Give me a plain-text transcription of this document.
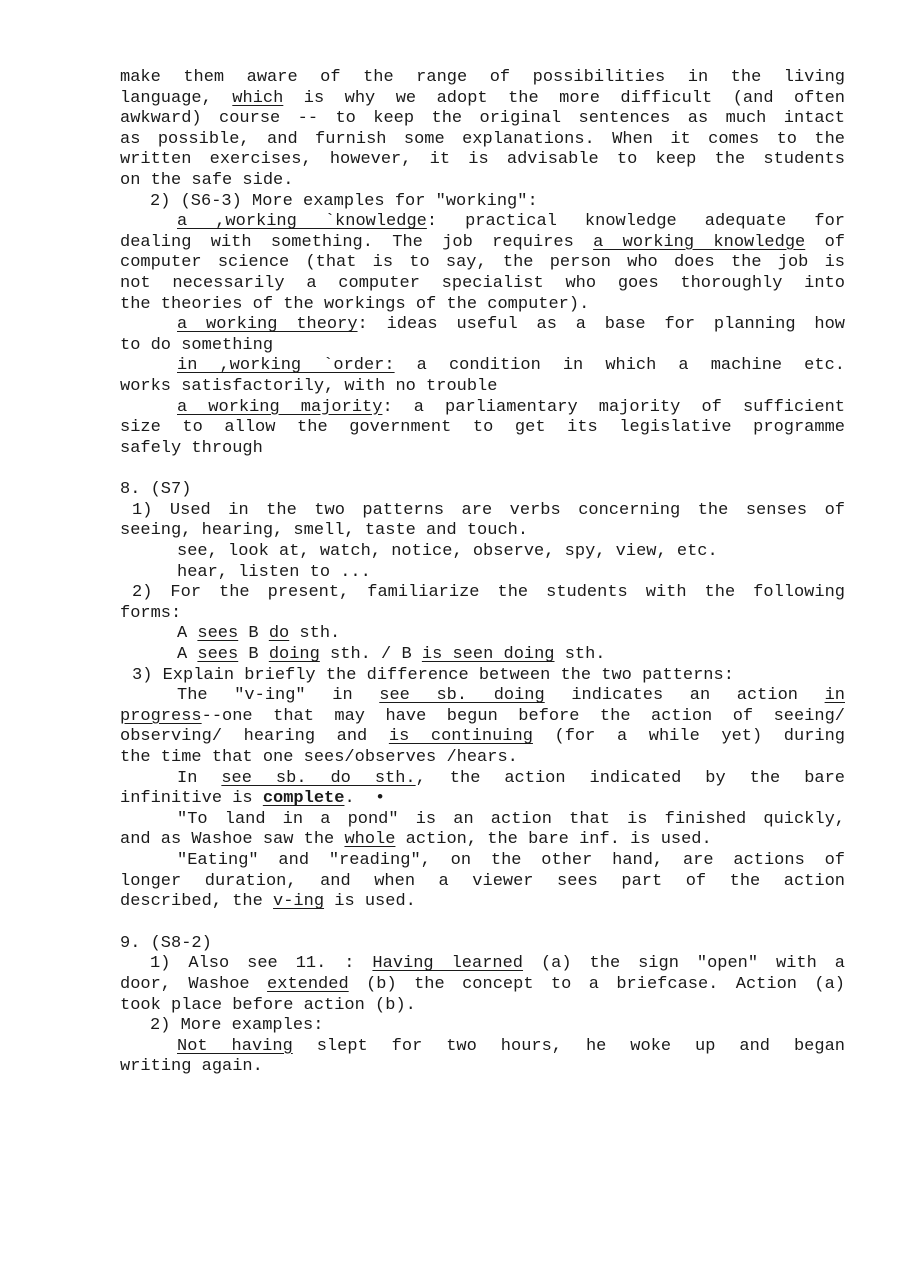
make them aware of the range of possibilities in the living
language, which is why we adopt the more difficult (and often
awkward) course -- to keep the original sentences as much intact
as possible, and furnish some explanations. When it comes to the
written exercises, however, it is advisable to keep the students
on the safe side.
2) (S6-3) More examples for "working":
a ,working `knowledge: practical knowledge adequate for
dealing with something. The job requires a working knowledge of
computer science (that is to say, the person who does the job is
not necessarily a computer specialist who goes thoroughly into
the theories of the workings of the computer).
a working theory: ideas useful as a base for planning how
to do something
in ,working `order: a condition in which a machine etc.
works satisfactorily, with no trouble
a working majority: a parliamentary majority of sufficient
size to allow the government to get its legislative programme
safely through
8. (S7)
1) Used in the two patterns are verbs concerning the senses of
seeing, hearing, smell, taste and touch.
see, look at, watch, notice, observe, spy, view, etc.
hear, listen to ...
2) For the present, familiarize the students with the following
forms:
A sees B do sth.
A sees B doing sth. / B is seen doing sth.
3) Explain briefly the difference between the two patterns:
The "v-ing" in see sb. doing indicates an action in
progress--one that may have begun before the action of seeing/
observing/ hearing and is continuing (for a while yet) during
the time that one sees/observes /hears.
In see sb. do sth., the action indicated by the bare
infinitive is complete.  •
"To land in a pond" is an action that is finished quickly,
and as Washoe saw the whole action, the bare inf. is used.
"Eating" and "reading", on the other hand, are actions of
longer duration, and when a viewer sees part of the action
described, the v-ing is used.
9. (S8-2)
1) Also see 11. : Having learned (a) the sign "open" with a
door, Washoe extended (b) the concept to a briefcase. Action (a)
took place before action (b).
2) More examples:
Not having slept for two hours, he woke up and began
writing again.
